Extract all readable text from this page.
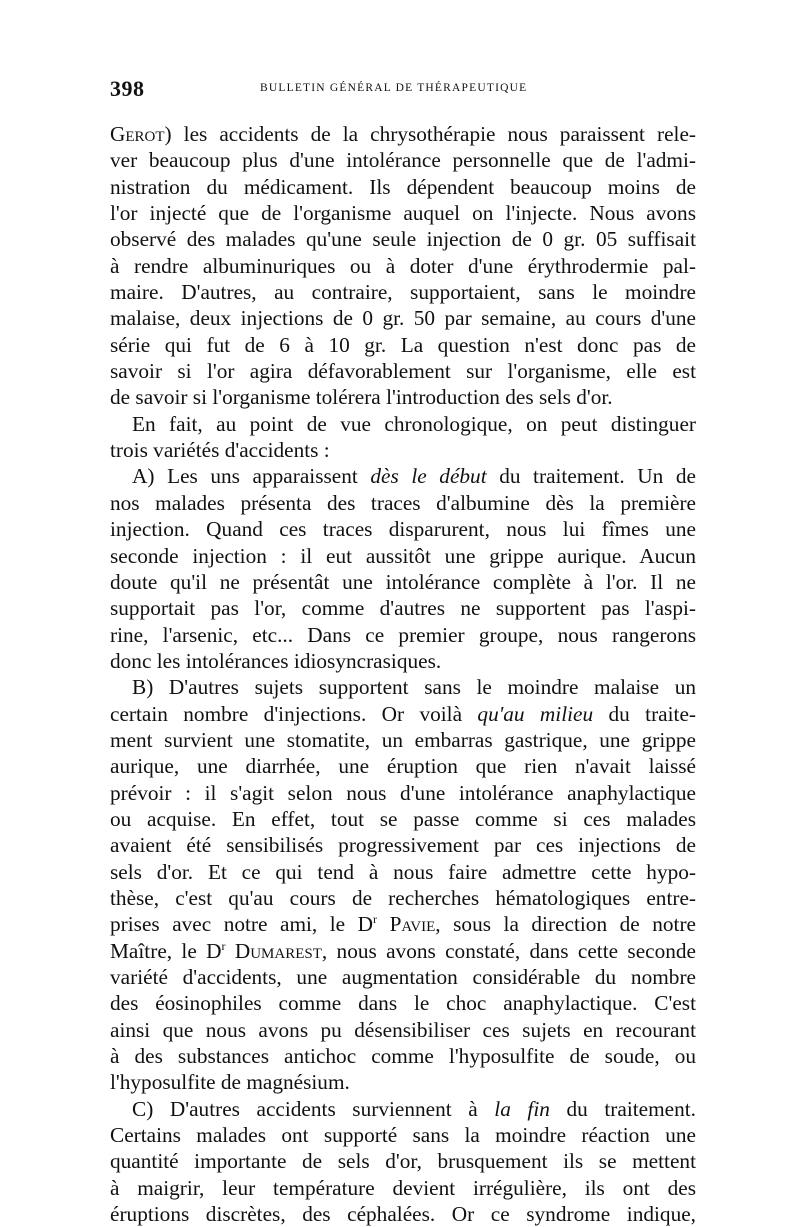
398	BULLETIN GÉNÉRAL DE THÉRAPEUTIQUE
Gerot) les accidents de la chrysothérapie nous paraissent rele-
ver beaucoup plus d'une intolérance personnelle que de l'admi-
nistration du médicament. Ils dépendent beaucoup moins de
l'or injecté que de l'organisme auquel on l'injecte. Nous avons
observé des malades qu'une seule injection de 0 gr. 05 suffisait
à rendre albuminuriques ou à doter d'une érythrodermie pal-
maire. D'autres, au contraire, supportaient, sans le moindre
malaise, deux injections de 0 gr. 50 par semaine, au cours d'une
série qui fut de 6 à 10 gr. La question n'est donc pas de
savoir si l'or agira défavorablement sur l'organisme, elle est
de savoir si l'organisme tolérera l'introduction des sels d'or.
En fait, au point de vue chronologique, on peut distinguer
trois variétés d'accidents :
A) Les uns apparaissent dès le début du traitement. Un de
nos malades présenta des traces d'albumine dès la première
injection. Quand ces traces disparurent, nous lui fîmes une
seconde injection : il eut aussitôt une grippe aurique. Aucun
doute qu'il ne présentât une intolérance complète à l'or. Il ne
supportait pas l'or, comme d'autres ne supportent pas l'aspi-
rine, l'arsenic, etc... Dans ce premier groupe, nous rangerons
donc les intolérances idiosyncrasiques.
B) D'autres sujets supportent sans le moindre malaise un
certain nombre d'injections. Or voilà qu'au milieu du traite-
ment survient une stomatite, un embarras gastrique, une grippe
aurique, une diarrhée, une éruption que rien n'avait laissé
prévoir : il s'agit selon nous d'une intolérance anaphylactique
ou acquise. En effet, tout se passe comme si ces malades
avaient été sensibilisés progressivement par ces injections de
sels d'or. Et ce qui tend à nous faire admettre cette hypo-
thèse, c'est qu'au cours de recherches hématologiques entre-
prises avec notre ami, le $D^r$ Pavie, sous la direction de notre
Maître, le $D^r$ Dumarest, nous avons constaté, dans cette seconde
variété d'accidents, une augmentation considérable du nombre
des éosinophiles comme dans le choc anaphylactique. C'est
ainsi que nous avons pu désensibiliser ces sujets en recourant
à des substances antichoc comme l'hyposulfite de soude, ou
l'hyposulfite de magnésium.
C) D'autres accidents surviennent à la fin du traitement.
Certains malades ont supporté sans la moindre réaction une
quantité importante de sels d'or, brusquement ils se mettent
à maigrir, leur température devient irrégulière, ils ont des
éruptions discrètes, des céphalées. Or ce syndrome indique,
